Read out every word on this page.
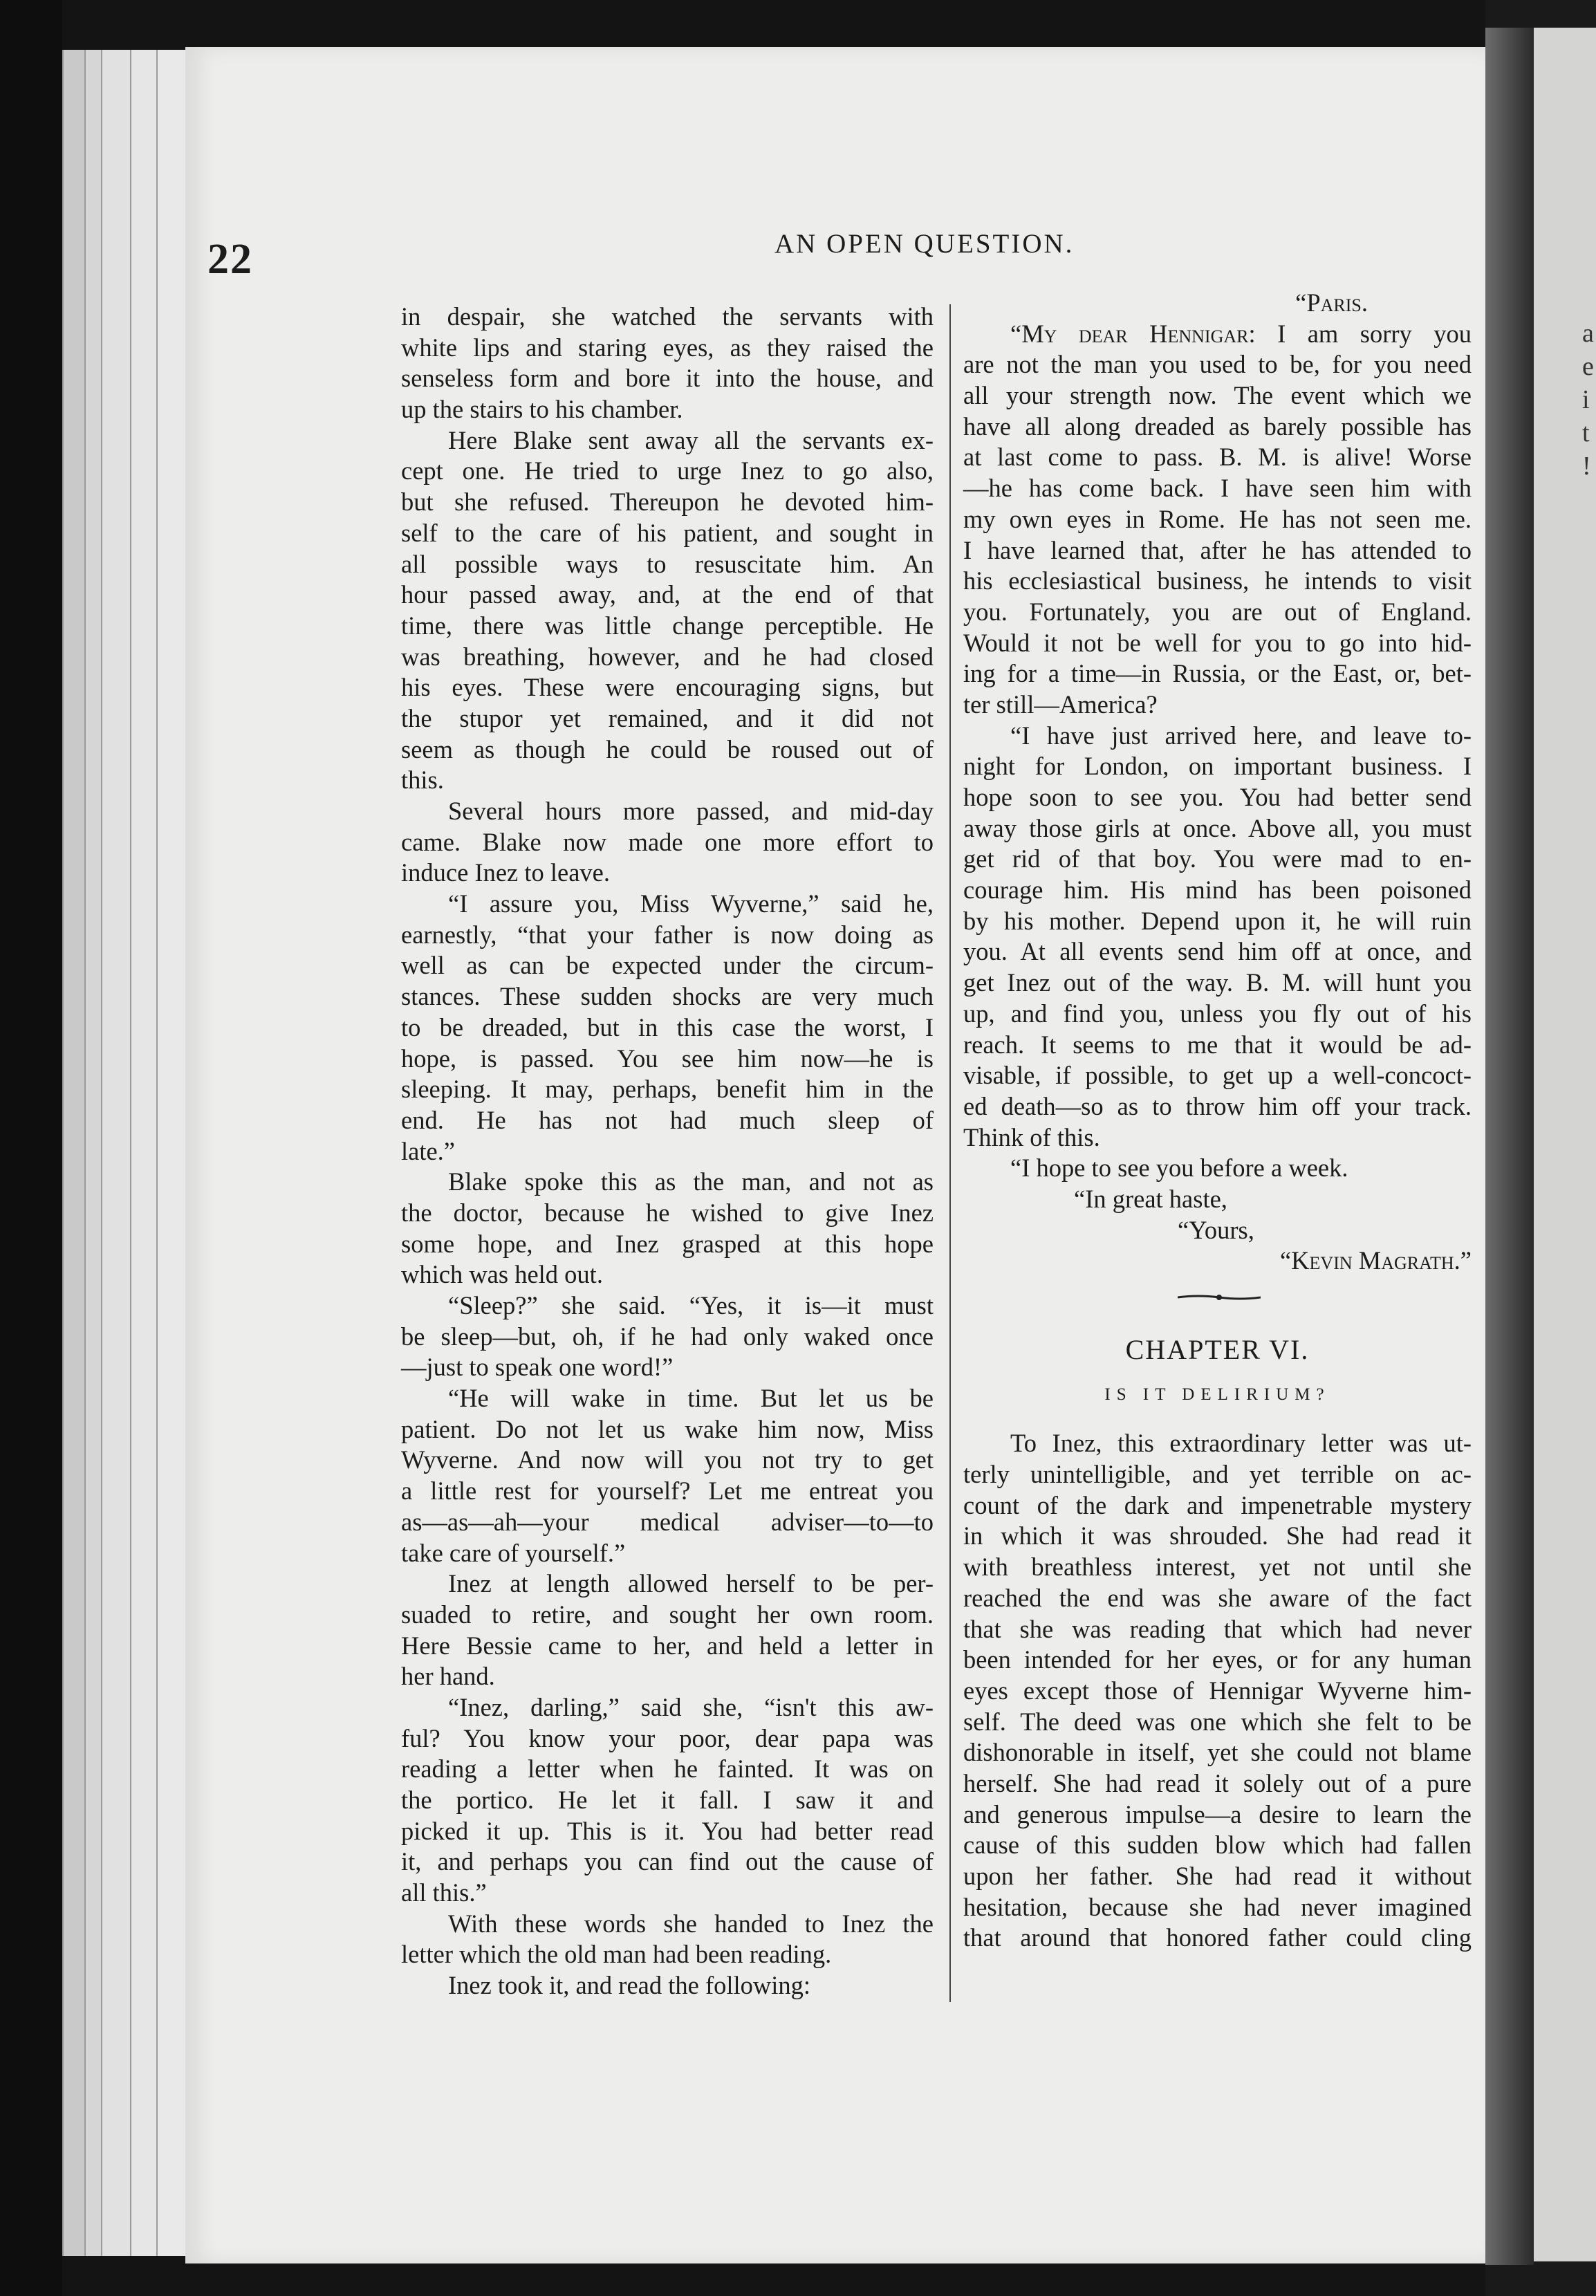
a
e
i
t
!
22	AN OPEN QUESTION.
in despair, she watched the servants with
white lips and staring eyes, as they raised the
senseless form and bore it into the house, and
up the stairs to his chamber.
Here Blake sent away all the servants ex-
cept one. He tried to urge Inez to go also,
but she refused. Thereupon he devoted him-
self to the care of his patient, and sought in
all possible ways to resuscitate him. An
hour passed away, and, at the end of that
time, there was little change perceptible. He
was breathing, however, and he had closed
his eyes. These were encouraging signs, but
the stupor yet remained, and it did not
seem as though he could be roused out of
this.
Several hours more passed, and mid-day
came. Blake now made one more effort to
induce Inez to leave.
“I assure you, Miss Wyverne,” said he,
earnestly, “that your father is now doing as
well as can be expected under the circum-
stances. These sudden shocks are very much
to be dreaded, but in this case the worst, I
hope, is passed. You see him now—he is
sleeping. It may, perhaps, benefit him in the
end. He has not had much sleep of
late.”
Blake spoke this as the man, and not as
the doctor, because he wished to give Inez
some hope, and Inez grasped at this hope
which was held out.
“Sleep?” she said. “Yes, it is—it must
be sleep—but, oh, if he had only waked once
—just to speak one word!”
“He will wake in time. But let us be
patient. Do not let us wake him now, Miss
Wyverne. And now will you not try to get
a little rest for yourself? Let me entreat you
as—as—ah—your medical adviser—to—to
take care of yourself.”
Inez at length allowed herself to be per-
suaded to retire, and sought her own room.
Here Bessie came to her, and held a letter in
her hand.
“Inez, darling,” said she, “isn't this aw-
ful? You know your poor, dear papa was
reading a letter when he fainted. It was on
the portico. He let it fall. I saw it and
picked it up. This is it. You had better read
it, and perhaps you can find out the cause of
all this.”
With these words she handed to Inez the
letter which the old man had been reading.
Inez took it, and read the following:
“Paris.
“My dear Hennigar: I am sorry you
are not the man you used to be, for you need
all your strength now. The event which we
have all along dreaded as barely possible has
at last come to pass. B. M. is alive! Worse
—he has come back. I have seen him with
my own eyes in Rome. He has not seen me.
I have learned that, after he has attended to
his ecclesiastical business, he intends to visit
you. Fortunately, you are out of England.
Would it not be well for you to go into hid-
ing for a time—in Russia, or the East, or, bet-
ter still—America?
“I have just arrived here, and leave to-
night for London, on important business. I
hope soon to see you. You had better send
away those girls at once. Above all, you must
get rid of that boy. You were mad to en-
courage him. His mind has been poisoned
by his mother. Depend upon it, he will ruin
you. At all events send him off at once, and
get Inez out of the way. B. M. will hunt you
up, and find you, unless you fly out of his
reach. It seems to me that it would be ad-
visable, if possible, to get up a well-concoct-
ed death—so as to throw him off your track.
Think of this.
“I hope to see you before a week.
“In great haste,
“Yours,
“Kevin Magrath.”
CHAPTER VI.
IS IT DELIRIUM?
To Inez, this extraordinary letter was ut-
terly unintelligible, and yet terrible on ac-
count of the dark and impenetrable mystery
in which it was shrouded. She had read it
with breathless interest, yet not until she
reached the end was she aware of the fact
that she was reading that which had never
been intended for her eyes, or for any human
eyes except those of Hennigar Wyverne him-
self. The deed was one which she felt to be
dishonorable in itself, yet she could not blame
herself. She had read it solely out of a pure
and generous impulse—a desire to learn the
cause of this sudden blow which had fallen
upon her father. She had read it without
hesitation, because she had never imagined
that around that honored father could cling
